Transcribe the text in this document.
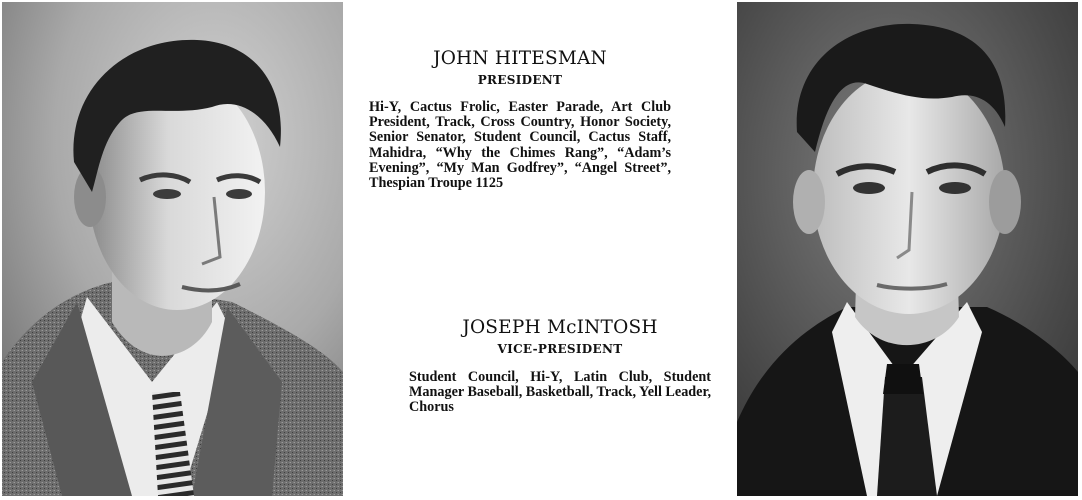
JOHN HITESMAN

PRESIDENT

Hi-Y, Cactus Frolic, Easter Parade, Art Club President, Track, Cross Country, Honor Society, Senior Senator, Student Council, Cactus Staff, Mahidra, “Why the Chimes Rang”, “Adam’s Evening”, “My Man Godfrey”, “Angel Street”, Thespian Troupe 1125

JOSEPH McINTOSH

VICE-PRESIDENT

Student Council, Hi-Y, Latin Club, Student Manager Baseball, Basketball, Track, Yell Leader, Chorus
